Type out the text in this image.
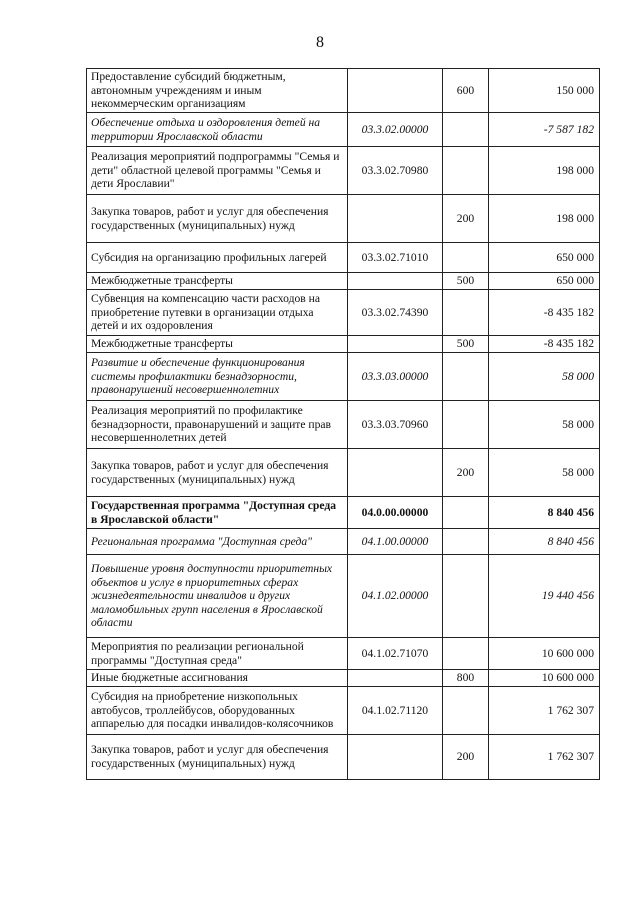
8
Предоставление субсидий бюджетным, автономным учреждениям и иным некоммерческим организациям		600	150 000
Обеспечение отдыха и оздоровления детей на территории Ярославской области	03.3.02.00000		-7 587 182
Реализация мероприятий подпрограммы "Семья и дети" областной целевой программы "Семья и дети Ярославии"	03.3.02.70980		198 000
Закупка товаров, работ и услуг для обеспечения государственных (муниципальных) нужд		200	198 000
Субсидия на организацию профильных лагерей	03.3.02.71010		650 000
Межбюджетные трансферты		500	650 000
Субвенция на компенсацию части расходов на приобретение путевки в организации отдыха детей и их оздоровления	03.3.02.74390		-8 435 182
Межбюджетные трансферты		500	-8 435 182
Развитие и обеспечение функционирования системы профилактики безнадзорности, правонарушений несовершеннолетних	03.3.03.00000		58 000
Реализация мероприятий по профилактике безнадзорности, правонарушений и защите прав несовершеннолетних детей	03.3.03.70960		58 000
Закупка товаров, работ и услуг для обеспечения государственных (муниципальных) нужд		200	58 000
Государственная программа "Доступная среда в Ярославской области"	04.0.00.00000		8 840 456
Региональная программа "Доступная среда"	04.1.00.00000		8 840 456
Повышение уровня доступности приоритетных объектов и услуг в приоритетных сферах жизнедеятельности инвалидов и других маломобильных групп населения в Ярославской области	04.1.02.00000		19 440 456
Мероприятия по реализации региональной программы "Доступная среда"	04.1.02.71070		10 600 000
Иные бюджетные ассигнования		800	10 600 000
Субсидия на приобретение низкопольных автобусов, троллейбусов, оборудованных аппарелью для посадки инвалидов-колясочников	04.1.02.71120		1 762 307
Закупка товаров, работ и услуг для обеспечения государственных (муниципальных) нужд		200	1 762 307
